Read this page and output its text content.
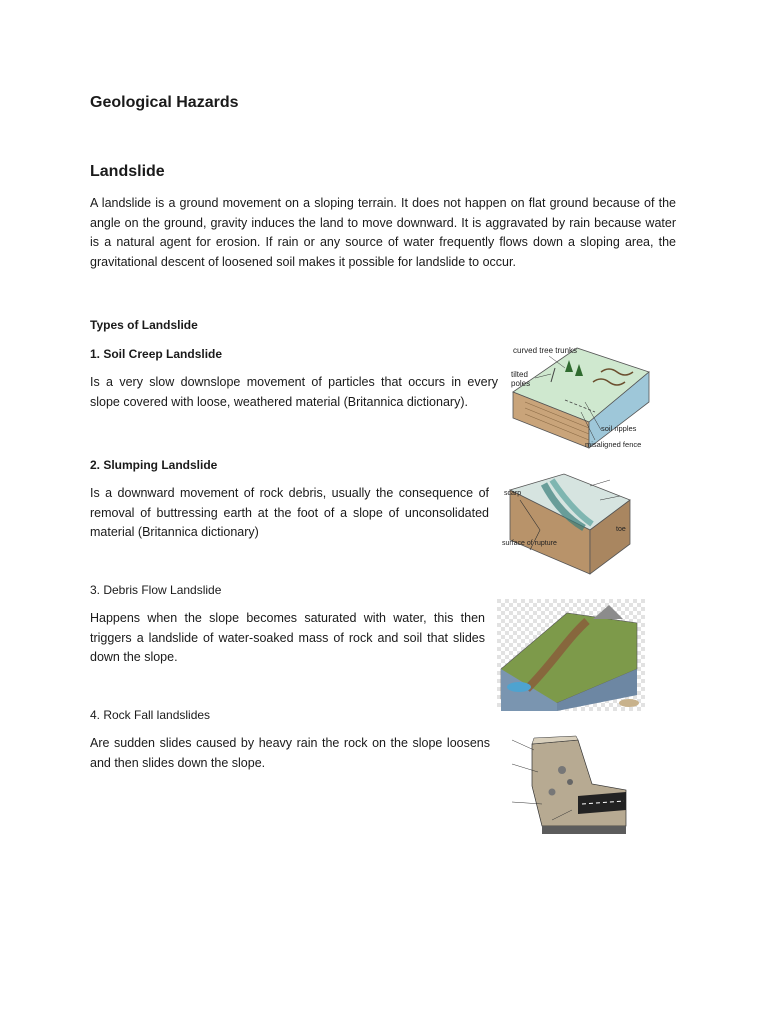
Geological Hazards
Landslide

A landslide is a ground movement on a sloping terrain. It does not happen on flat ground because of the angle on the ground, gravity induces the land to move downward. It is aggravated by rain because water is a natural agent for erosion. If rain or any source of water frequently flows down a sloping area, the gravitational descent of loosened soil makes it possible for landslide to occur.

Types of Landslide

1. Soil Creep Landslide

Is a very slow downslope movement of particles that occurs in every slope covered with loose, weathered material (Britannica dictionary).

curved tree trunks
tilted poles
soil ripples
misaligned fence

2. Slumping Landslide

Is a downward movement of rock debris, usually the consequence of removal of buttressing earth at the foot of a slope of unconsolidated material (Britannica dictionary)

scarp
surface of rupture
toe

3. Debris Flow Landslide

Happens when the slope becomes saturated with water, this then triggers a landslide of water-soaked mass of rock and soil that slides down the slope.

4. Rock Fall landslides

Are sudden slides caused by heavy rain the rock on the slope loosens and then slides down the slope.
